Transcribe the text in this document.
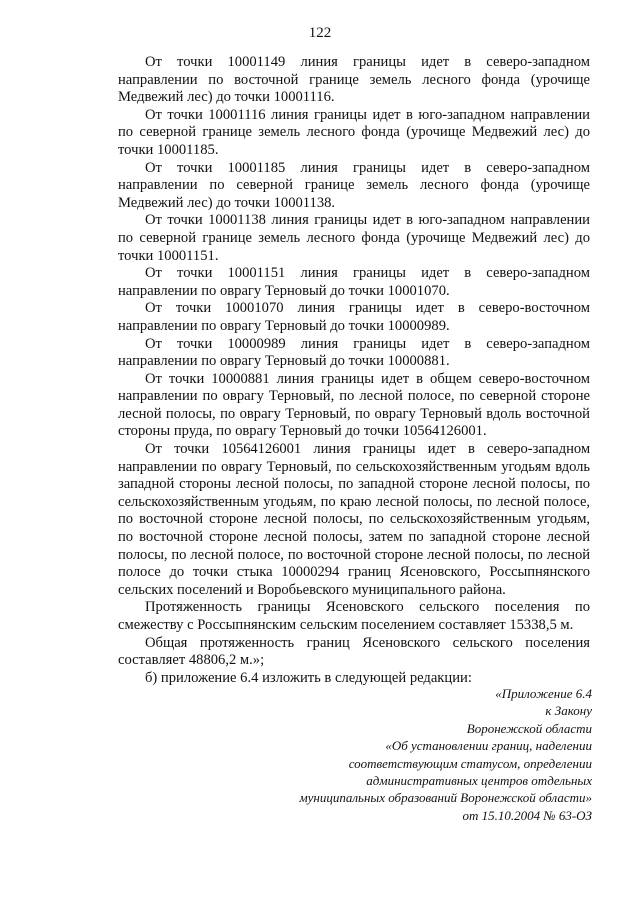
122

От точки 10001149 линия границы идет в северо-западном направлении по восточной границе земель лесного фонда (урочище Медвежий лес) до точки 10001116.

От точки 10001116 линия границы идет в юго-западном направлении по северной границе земель лесного фонда (урочище Медвежий лес) до точки 10001185.

От точки 10001185 линия границы идет в северо-западном направлении по северной границе земель лесного фонда (урочище Медвежий лес) до точки 10001138.

От точки 10001138 линия границы идет в юго-западном направлении по северной границе земель лесного фонда (урочище Медвежий лес) до точки 10001151.

От точки 10001151 линия границы идет в северо-западном направлении по оврагу Терновый до точки 10001070.

От точки 10001070 линия границы идет в северо-восточном направлении по оврагу Терновый до точки 10000989.

От точки 10000989 линия границы идет в северо-западном направлении по оврагу Терновый до точки 10000881.

От точки 10000881 линия границы идет в общем северо-восточном направлении по оврагу Терновый, по лесной полосе, по северной стороне лесной полосы, по оврагу Терновый, по оврагу Терновый вдоль восточной стороны пруда, по оврагу Терновый до точки 10564126001.

От точки 10564126001 линия границы идет в северо-западном направлении по оврагу Терновый, по сельскохозяйственным угодьям вдоль западной стороны лесной полосы, по западной стороне лесной полосы, по сельскохозяйственным угодьям, по краю лесной полосы, по лесной полосе, по восточной стороне лесной полосы, по сельскохозяйственным угодьям, по восточной стороне лесной полосы, затем по западной стороне лесной полосы, по лесной полосе, по восточной стороне лесной полосы, по лесной полосе до точки стыка 10000294 границ Ясеновского, Россыпнянского сельских поселений и Воробьевского муниципального района.

Протяженность границы Ясеновского сельского поселения по смежеству с Россыпнянским сельским поселением составляет 15338,5 м.

Общая протяженность границ Ясеновского сельского поселения составляет 48806,2 м.»;

б) приложение 6.4 изложить в следующей редакции:

«Приложение 6.4
к Закону
Воронежской области
«Об установлении границ, наделении
соответствующим статусом, определении
административных центров отдельных
муниципальных образований Воронежской области»
от 15.10.2004 № 63-ОЗ
